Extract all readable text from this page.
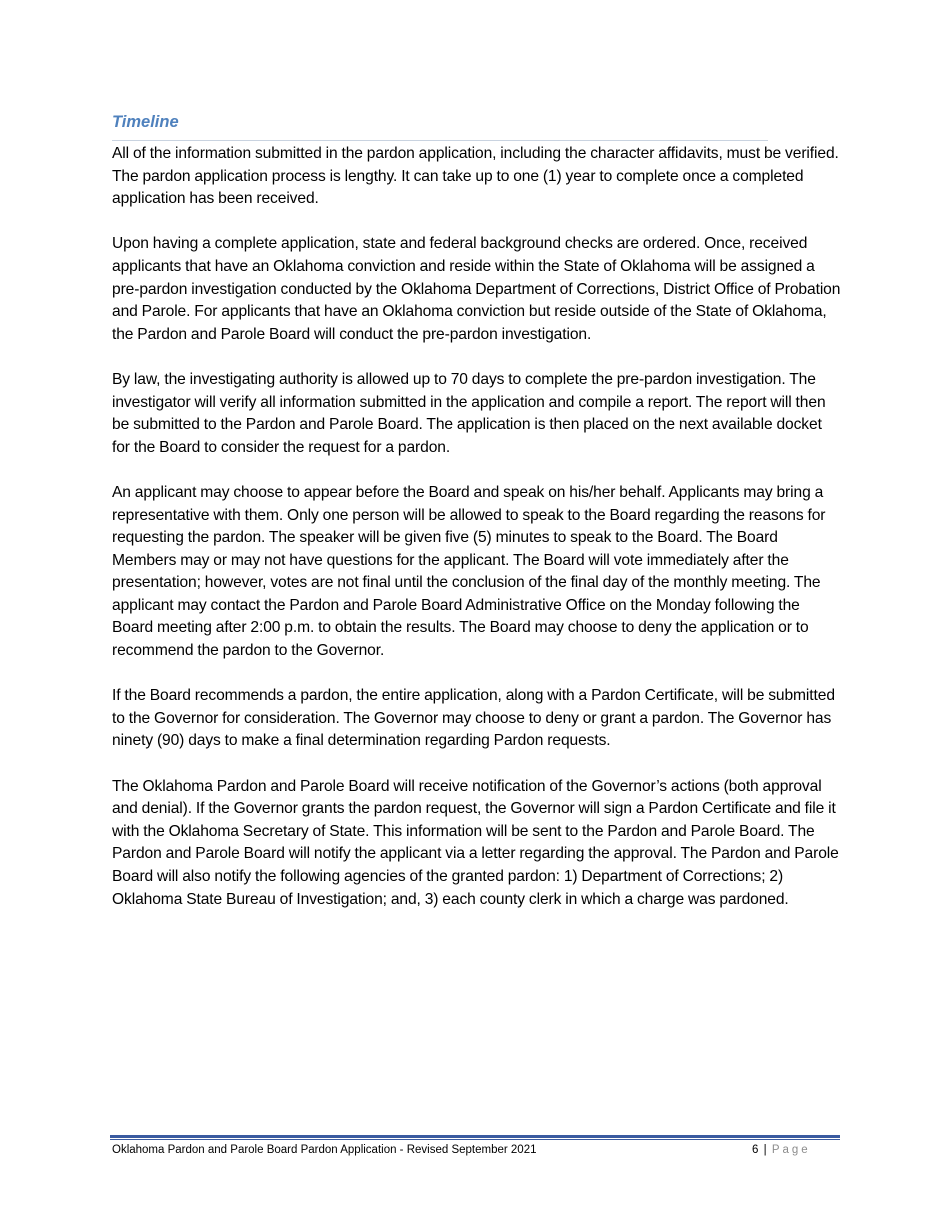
Timeline

All of the information submitted in the pardon application, including the character affidavits, must be verified. The pardon application process is lengthy. It can take up to one (1) year to complete once a completed application has been received.

Upon having a complete application, state and federal background checks are ordered. Once, received applicants that have an Oklahoma conviction and reside within the State of Oklahoma will be assigned a pre-pardon investigation conducted by the Oklahoma Department of Corrections, District Office of Probation and Parole. For applicants that have an Oklahoma conviction but reside outside of the State of Oklahoma, the Pardon and Parole Board will conduct the pre-pardon investigation.

By law, the investigating authority is allowed up to 70 days to complete the pre-pardon investigation. The investigator will verify all information submitted in the application and compile a report. The report will then be submitted to the Pardon and Parole Board. The application is then placed on the next available docket for the Board to consider the request for a pardon.

An applicant may choose to appear before the Board and speak on his/her behalf. Applicants may bring a representative with them. Only one person will be allowed to speak to the Board regarding the reasons for requesting the pardon. The speaker will be given five (5) minutes to speak to the Board. The Board Members may or may not have questions for the applicant. The Board will vote immediately after the presentation; however, votes are not final until the conclusion of the final day of the monthly meeting. The applicant may contact the Pardon and Parole Board Administrative Office on the Monday following the Board meeting after 2:00 p.m. to obtain the results. The Board may choose to deny the application or to recommend the pardon to the Governor.

If the Board recommends a pardon, the entire application, along with a Pardon Certificate, will be submitted to the Governor for consideration. The Governor may choose to deny or grant a pardon. The Governor has ninety (90) days to make a final determination regarding Pardon requests.

The Oklahoma Pardon and Parole Board will receive notification of the Governor’s actions (both approval and denial). If the Governor grants the pardon request, the Governor will sign a Pardon Certificate and file it with the Oklahoma Secretary of State. This information will be sent to the Pardon and Parole Board. The Pardon and Parole Board will notify the applicant via a letter regarding the approval. The Pardon and Parole Board will also notify the following agencies of the granted pardon: 1) Department of Corrections; 2) Oklahoma State Bureau of Investigation; and, 3) each county clerk in which a charge was pardoned.

Oklahoma Pardon and Parole Board Pardon Application - Revised September 2021	6 | Page
